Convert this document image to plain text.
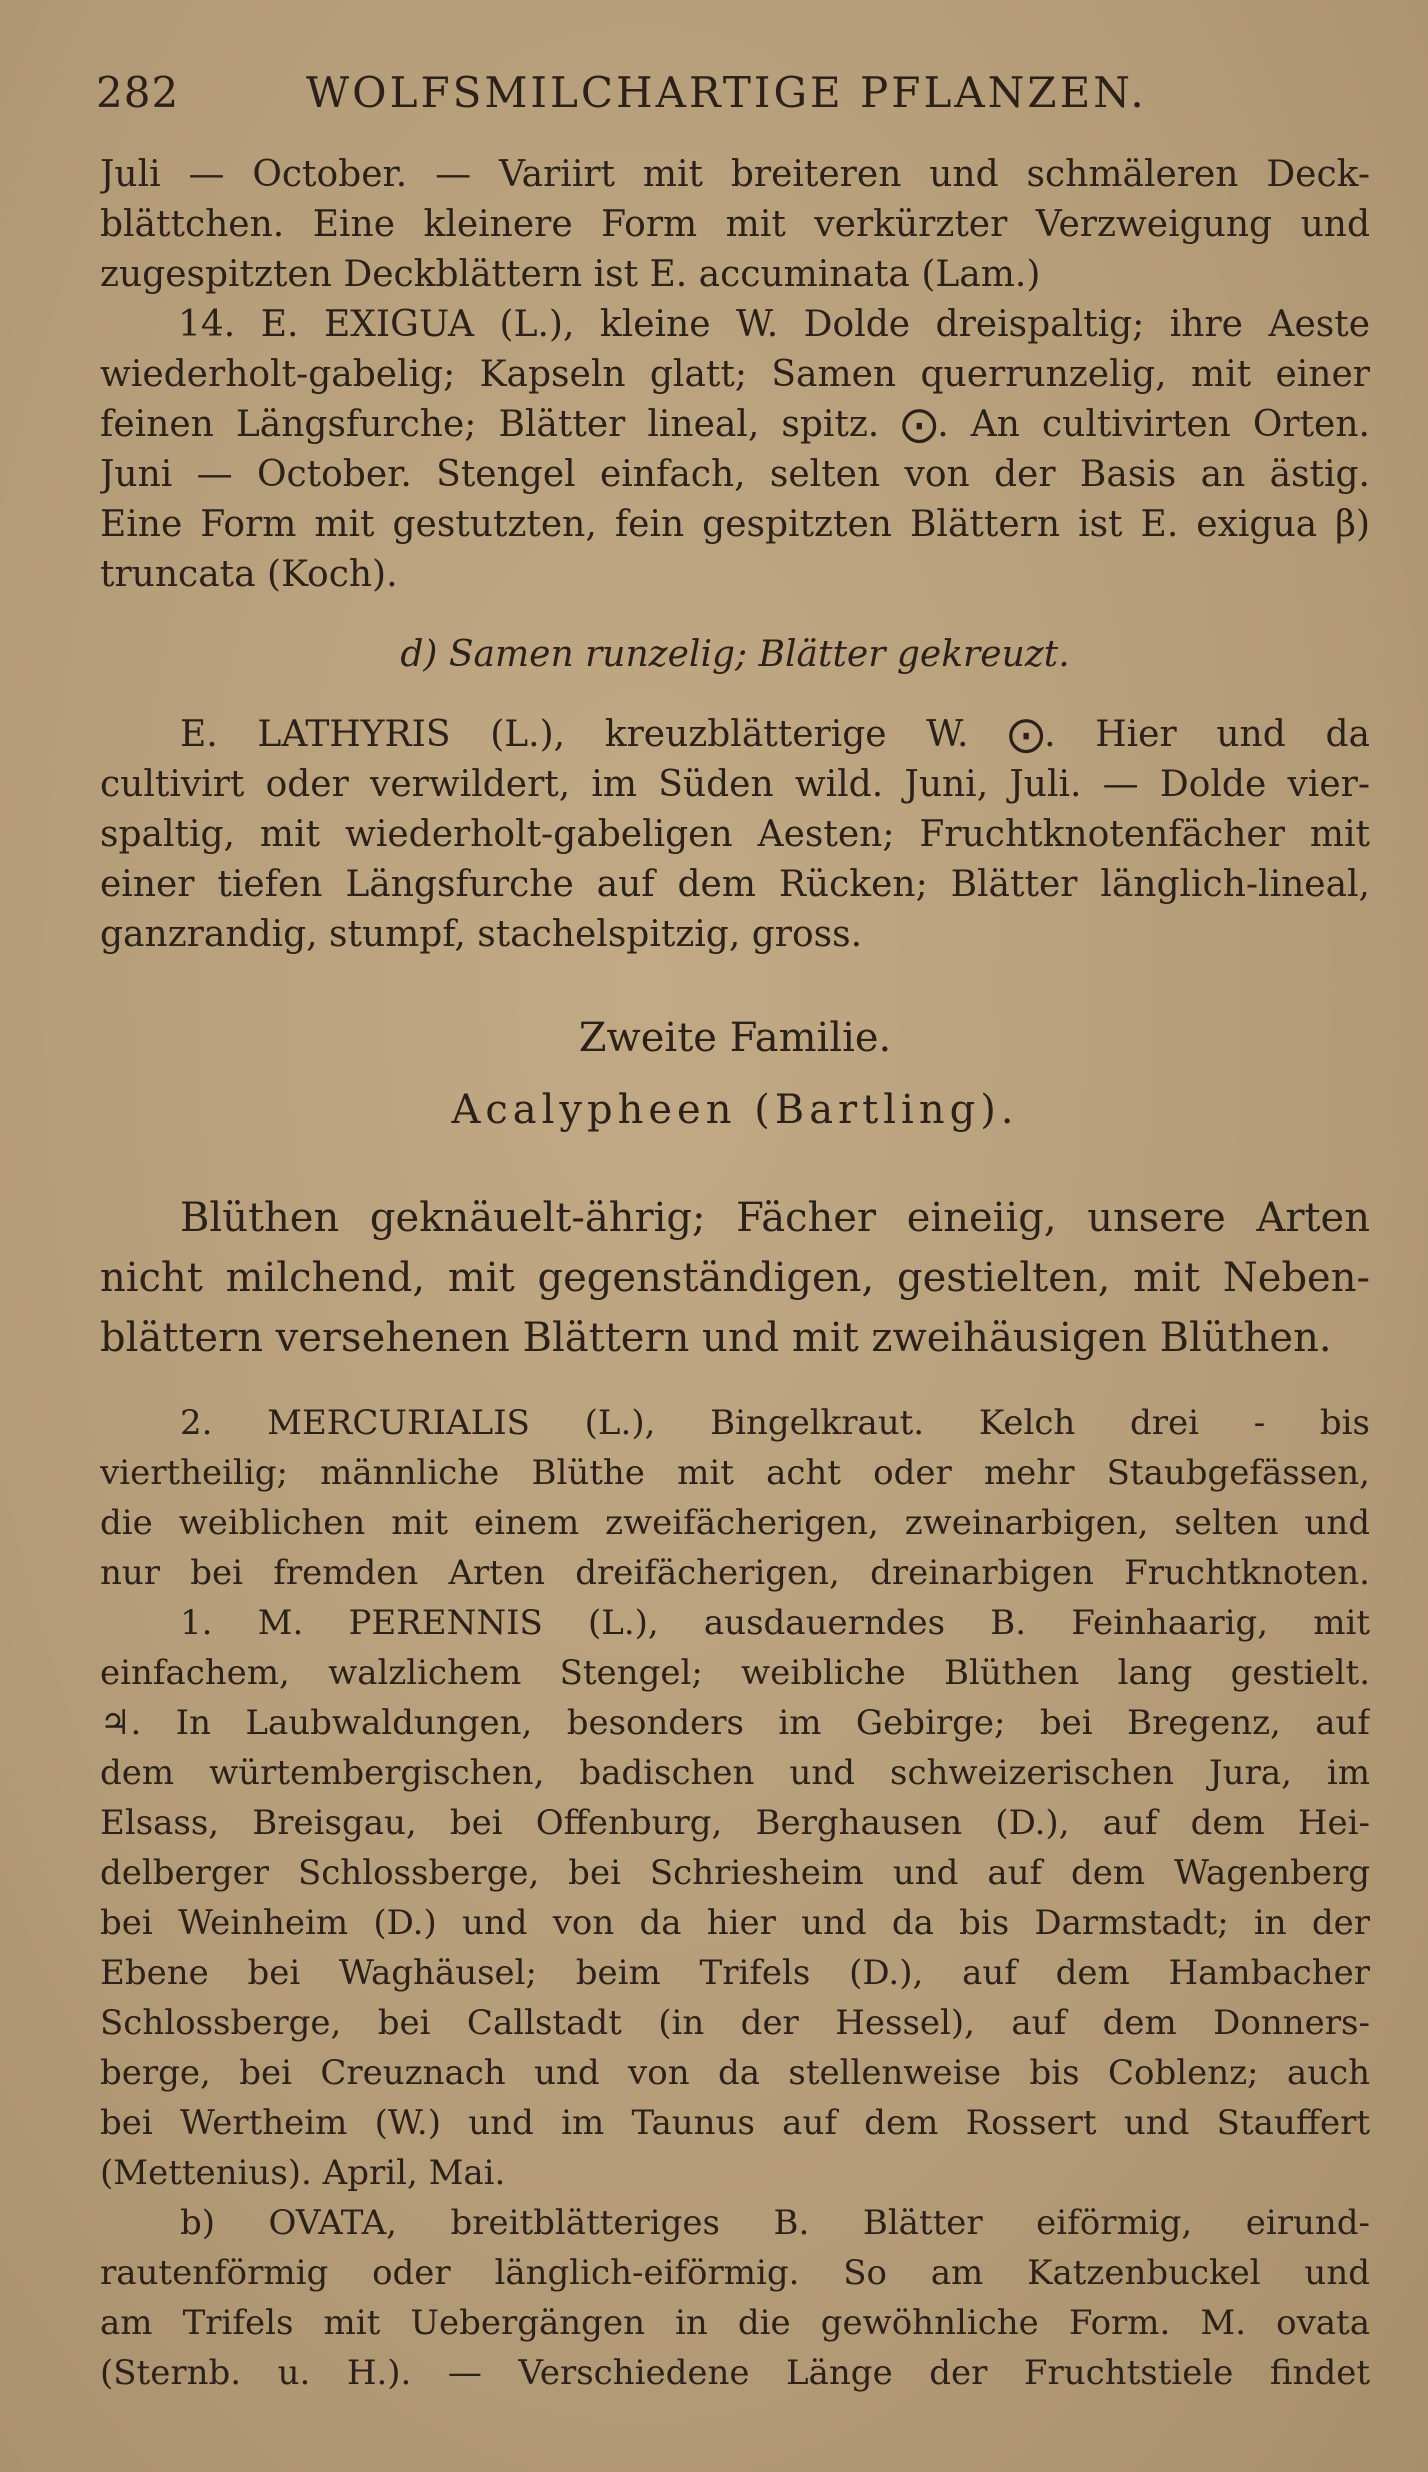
282	WOLFSMILCHARTIGE PFLANZEN.
Juli — October. — Variirt mit breiteren und schmäleren Deck-
blättchen. Eine kleinere Form mit verkürzter Verzweigung und
zugespitzten Deckblättern ist E. accuminata (Lam.)
14. E. EXIGUA (L.), kleine W. Dolde dreispaltig; ihre Aeste
wiederholt-gabelig; Kapseln glatt; Samen querrunzelig, mit einer
feinen Längsfurche; Blätter lineal, spitz. ⨀. An cultivirten Orten.
Juni — October. Stengel einfach, selten von der Basis an ästig.
Eine Form mit gestutzten, fein gespitzten Blättern ist E. exigua β)
truncata (Koch).
d) Samen runzelig; Blätter gekreuzt.
E. LATHYRIS (L.), kreuzblätterige W. ⨀. Hier und da
cultivirt oder verwildert, im Süden wild. Juni, Juli. — Dolde vier-
spaltig, mit wiederholt-gabeligen Aesten; Fruchtknotenfächer mit
einer tiefen Längsfurche auf dem Rücken; Blätter länglich-lineal,
ganzrandig, stumpf, stachelspitzig, gross.
Zweite Familie.
Acalypheen (Bartling).
Blüthen geknäuelt-ährig; Fächer eineiig, unsere Arten
nicht milchend, mit gegenständigen, gestielten, mit Neben-
blättern versehenen Blättern und mit zweihäusigen Blüthen.
2. MERCURIALIS (L.), Bingelkraut. Kelch drei - bis
viertheilig; männliche Blüthe mit acht oder mehr Staubgefässen,
die weiblichen mit einem zweifächerigen, zweinarbigen, selten und
nur bei fremden Arten dreifächerigen, dreinarbigen Fruchtknoten.
1. M. PERENNIS (L.), ausdauerndes B. Feinhaarig, mit
einfachem, walzlichem Stengel; weibliche Blüthen lang gestielt.
♃. In Laubwaldungen, besonders im Gebirge; bei Bregenz, auf
dem würtembergischen, badischen und schweizerischen Jura, im
Elsass, Breisgau, bei Offenburg, Berghausen (D.), auf dem Hei-
delberger Schlossberge, bei Schriesheim und auf dem Wagenberg
bei Weinheim (D.) und von da hier und da bis Darmstadt; in der
Ebene bei Waghäusel; beim Trifels (D.), auf dem Hambacher
Schlossberge, bei Callstadt (in der Hessel), auf dem Donners-
berge, bei Creuznach und von da stellenweise bis Coblenz; auch
bei Wertheim (W.) und im Taunus auf dem Rossert und Stauffert
(Mettenius). April, Mai.
b) OVATA, breitblätteriges B. Blätter eiförmig, eirund-
rautenförmig oder länglich-eiförmig. So am Katzenbuckel und
am Trifels mit Uebergängen in die gewöhnliche Form. M. ovata
(Sternb. u. H.). — Verschiedene Länge der Fruchtstiele findet
